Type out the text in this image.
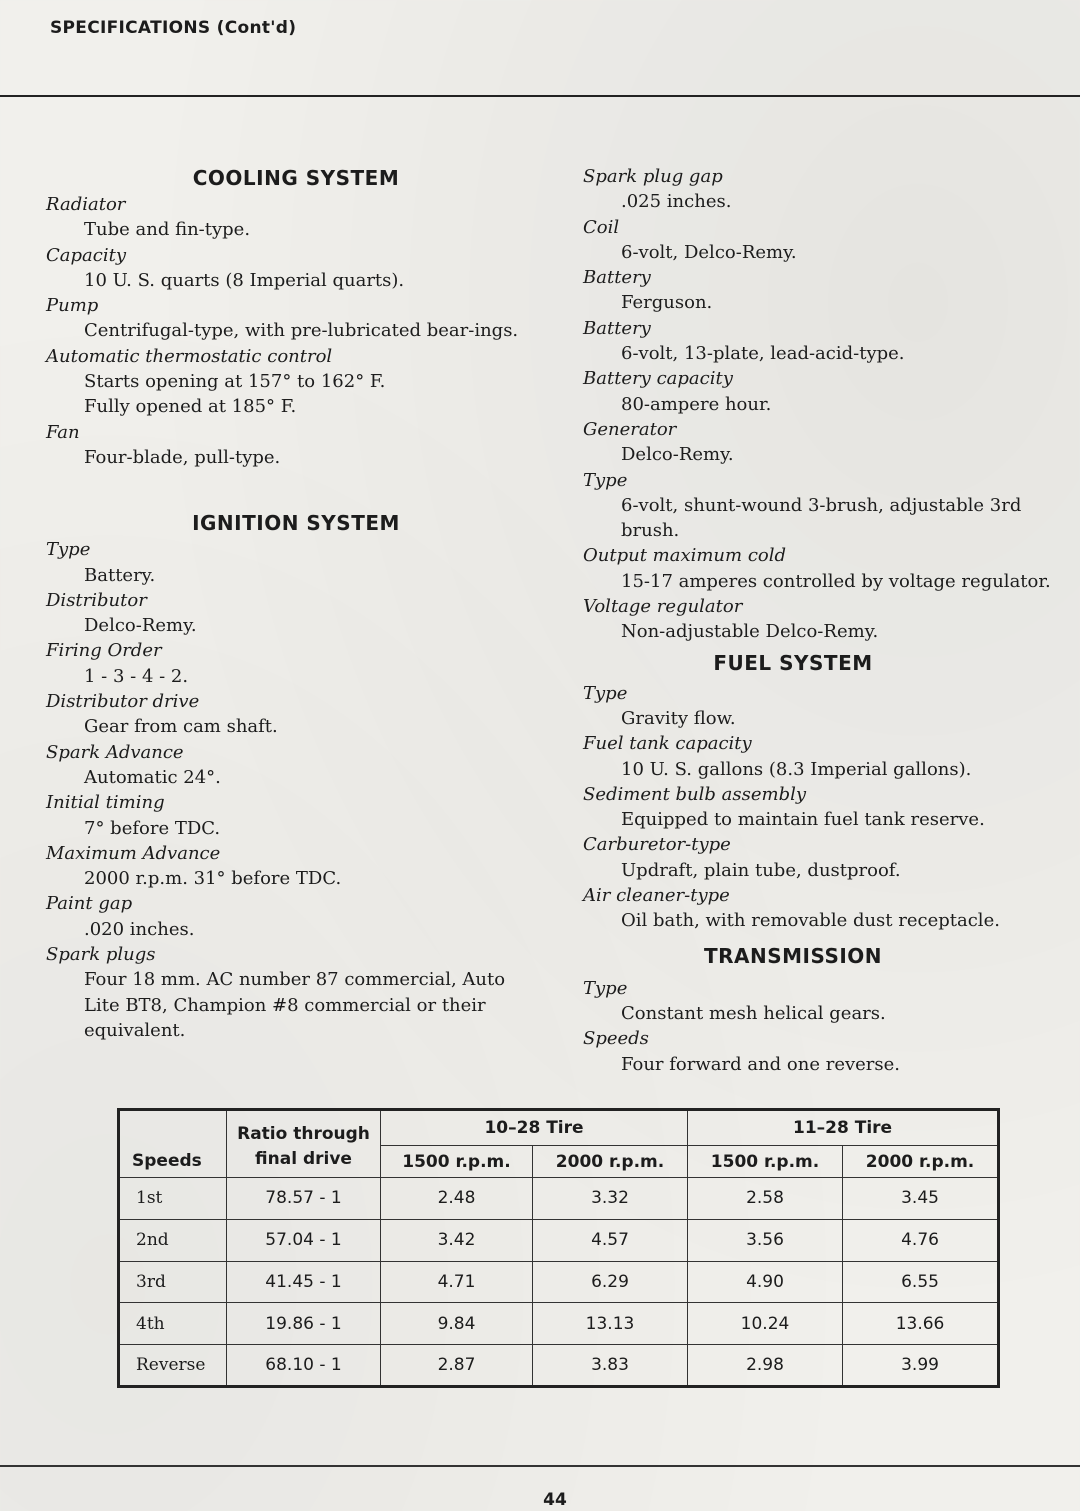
SPECIFICATIONS (Cont'd)
COOLING SYSTEM
Radiator
Tube and fin-type.
Capacity
10 U. S. quarts (8 Imperial quarts).
Pump
Centrifugal-type, with pre-lubricated bear-ings.
Automatic thermostatic control
Starts opening at 157° to 162° F.
Fully opened at 185° F.
Fan
Four-blade, pull-type.
IGNITION SYSTEM
Type
Battery.
Distributor
Delco-Remy.
Firing Order
1 - 3 - 4 - 2.
Distributor drive
Gear from cam shaft.
Spark Advance
Automatic 24°.
Initial timing
7° before TDC.
Maximum Advance
2000 r.p.m. 31° before TDC.
Paint gap
.020 inches.
Spark plugs
Four 18 mm. AC number 87 commercial, Auto Lite BT8, Champion #8 commercial or their equivalent.
Spark plug gap
.025 inches.
Coil
6-volt, Delco-Remy.
Battery
Ferguson.
Battery
6-volt, 13-plate, lead-acid-type.
Battery capacity
80-ampere hour.
Generator
Delco-Remy.
Type
6-volt, shunt-wound 3-brush, adjustable 3rd brush.
Output maximum cold
15-17 amperes controlled by voltage regulator.
Voltage regulator
Non-adjustable Delco-Remy.
FUEL SYSTEM
Type
Gravity flow.
Fuel tank capacity
10 U. S. gallons (8.3 Imperial gallons).
Sediment bulb assembly
Equipped to maintain fuel tank reserve.
Carburetor-type
Updraft, plain tube, dustproof.
Air cleaner-type
Oil bath, with removable dust receptacle.
TRANSMISSION
Type
Constant mesh helical gears.
Speeds
Four forward and one reverse.
Speeds	Ratio through final drive	10–28 Tire		11–28 Tire	
		1500 r.p.m.	2000 r.p.m.	1500 r.p.m.	2000 r.p.m.
1st	78.57 - 1	2.48	3.32	2.58	3.45
2nd	57.04 - 1	3.42	4.57	3.56	4.76
3rd	41.45 - 1	4.71	6.29	4.90	6.55
4th	19.86 - 1	9.84	13.13	10.24	13.66
Reverse	68.10 - 1	2.87	3.83	2.98	3.99
44
